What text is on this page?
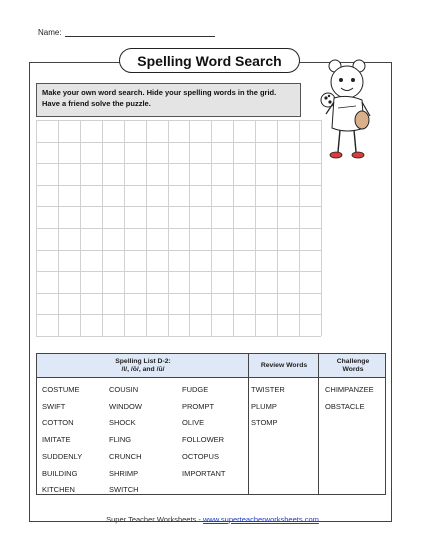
Name:
Spelling Word Search
Make your own word search. Hide your spelling words in the grid. Have a friend solve the puzzle.
Spelling List D-2:
/l/, /ō/, and /ū/
Review Words
Challenge
Words
COSTUME
SWIFT
COTTON
IMITATE
SUDDENLY
BUILDING
KITCHEN
COUSIN
WINDOW
SHOCK
FLING
CRUNCH
SHRIMP
SWITCH
FUDGE
PROMPT
OLIVE
FOLLOWER
OCTOPUS
IMPORTANT
TWISTER
PLUMP
STOMP
CHIMPANZEE
OBSTACLE
Super Teacher Worksheets - www.superteacherworksheets.com
